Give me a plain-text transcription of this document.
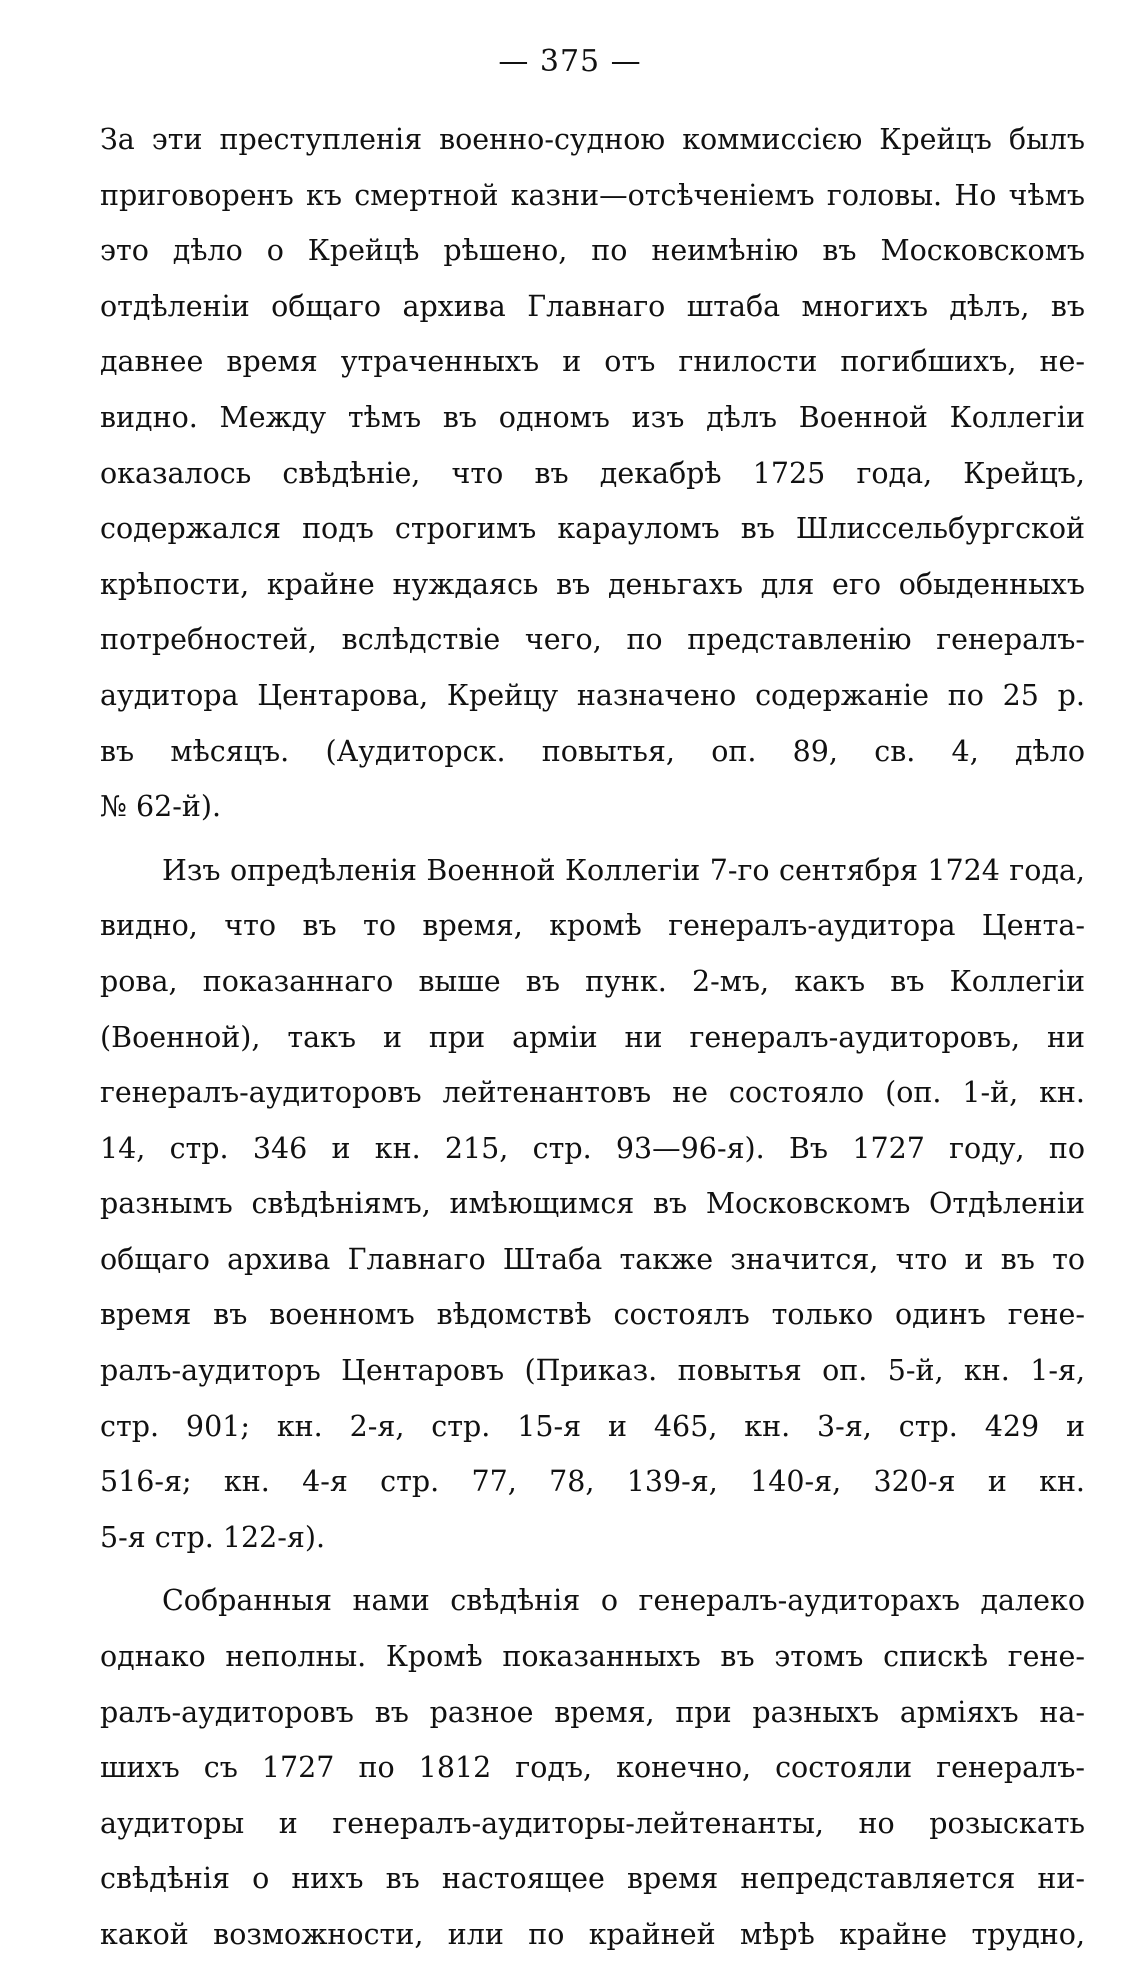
— 375 —
За эти преступленія военно-судною коммиссією Крейцъ былъ
приговоренъ къ смертной казни—отсѣченіемъ головы. Но чѣмъ
это дѣло о Крейцѣ рѣшено, по неимѣнію въ Московскомъ
отдѣленіи общаго архива Главнаго штаба многихъ дѣлъ, въ
давнее время утраченныхъ и отъ гнилости погибшихъ, не-
видно. Между тѣмъ въ одномъ изъ дѣлъ Военной Коллегіи
оказалось свѣдѣніе, что въ декабрѣ 1725 года, Крейцъ,
содержался подъ строгимъ карауломъ въ Шлиссельбургской
крѣпости, крайне нуждаясь въ деньгахъ для его обыденныхъ
потребностей, вслѣдствіе чего, по представленію генералъ-
аудитора Центарова, Крейцу назначено содержаніе по 25 р.
въ мѣсяцъ. (Аудиторск. повытья, оп. 89, св. 4, дѣло
№ 62-й).
Изъ опредѣленія Военной Коллегіи 7-го сентября 1724 года,
видно, что въ то время, кромѣ генералъ-аудитора Цента-
рова, показаннаго выше въ пунк. 2-мъ, какъ въ Коллегіи
(Военной), такъ и при арміи ни генералъ-аудиторовъ, ни
генералъ-аудиторовъ лейтенантовъ не состояло (оп. 1-й, кн.
14, стр. 346 и кн. 215, стр. 93—96-я). Въ 1727 году, по
разнымъ свѣдѣніямъ, имѣющимся въ Московскомъ Отдѣленіи
общаго архива Главнаго Штаба также значится, что и въ то
время въ военномъ вѣдомствѣ состоялъ только одинъ гене-
ралъ-аудиторъ Центаровъ (Приказ. повытья оп. 5-й, кн. 1-я,
стр. 901; кн. 2-я, стр. 15-я и 465, кн. 3-я, стр. 429 и
516-я; кн. 4-я стр. 77, 78, 139-я, 140-я, 320-я и кн.
5-я стр. 122-я).
Собранныя нами свѣдѣнія о генералъ-аудиторахъ далеко
однако неполны. Кромѣ показанныхъ въ этомъ спискѣ гене-
ралъ-аудиторовъ въ разное время, при разныхъ арміяхъ на-
шихъ съ 1727 по 1812 годъ, конечно, состояли генералъ-
аудиторы и генералъ-аудиторы-лейтенанты, но розыскать
свѣдѣнія о нихъ въ настоящее время непредставляется ни-
какой возможности, или по крайней мѣрѣ крайне трудно,
